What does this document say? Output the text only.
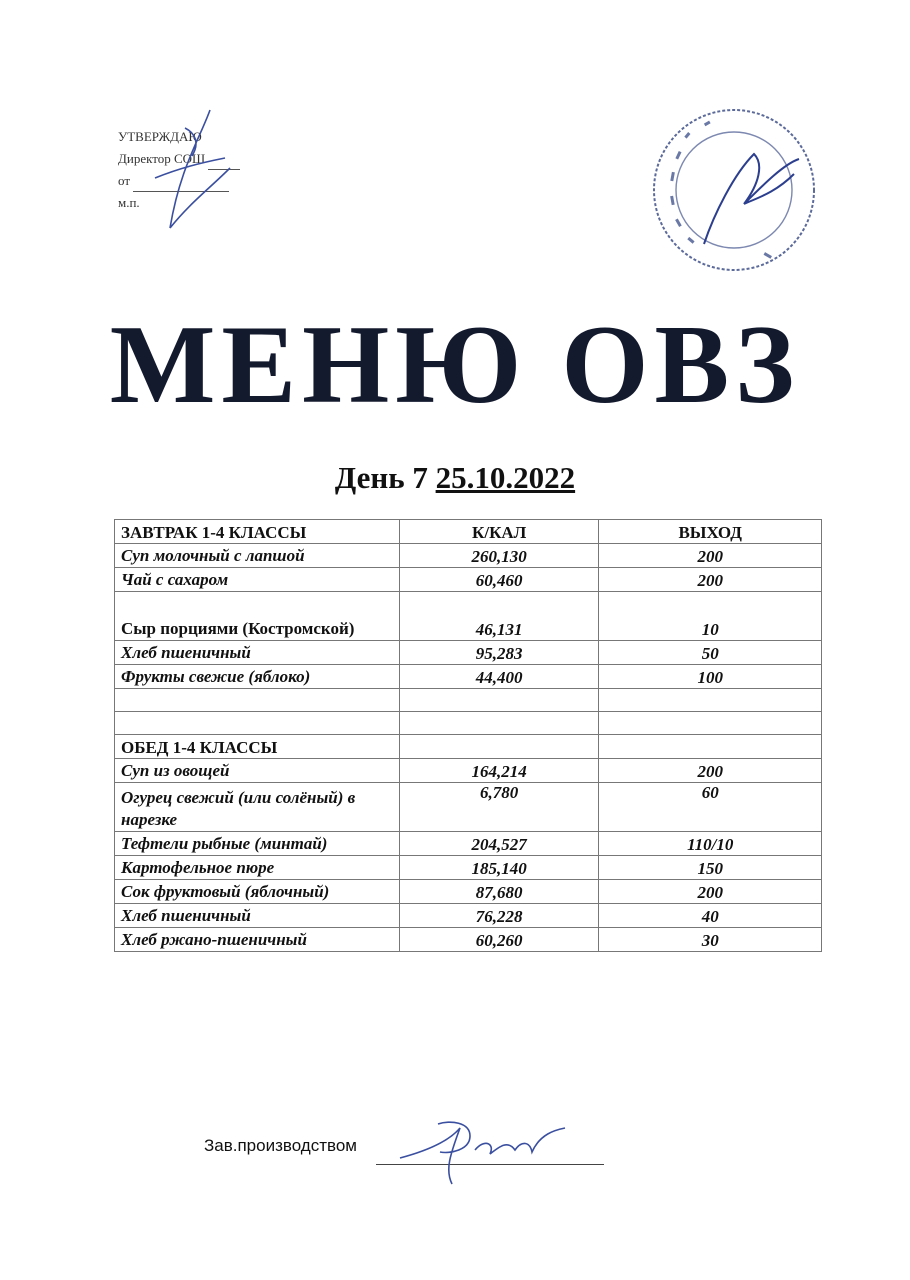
УТВЕРЖДАЮ
Директор СОШ
от
м.п.
МЕНЮ ОВЗ
День 7 25.10.2022
ЗАВТРАК 1-4 КЛАССЫ	К/КАЛ	ВЫХОД
Суп молочный с лапшой	260,130	200
Чай с сахаром	60,460	200
Сыр порциями (Костромской)	46,131	10
Хлеб пшеничный	95,283	50
Фрукты свежие (яблоко)	44,400	100

ОБЕД 1-4 КЛАССЫ		
Суп из овощей	164,214	200
Огурец свежий (или солёный) в нарезке	6,780	60
Тефтели рыбные (минтай)	204,527	110/10
Картофельное пюре	185,140	150
Сок фруктовый (яблочный)	87,680	200
Хлеб пшеничный	76,228	40
Хлеб ржано-пшеничный	60,260	30
Зав.производством
